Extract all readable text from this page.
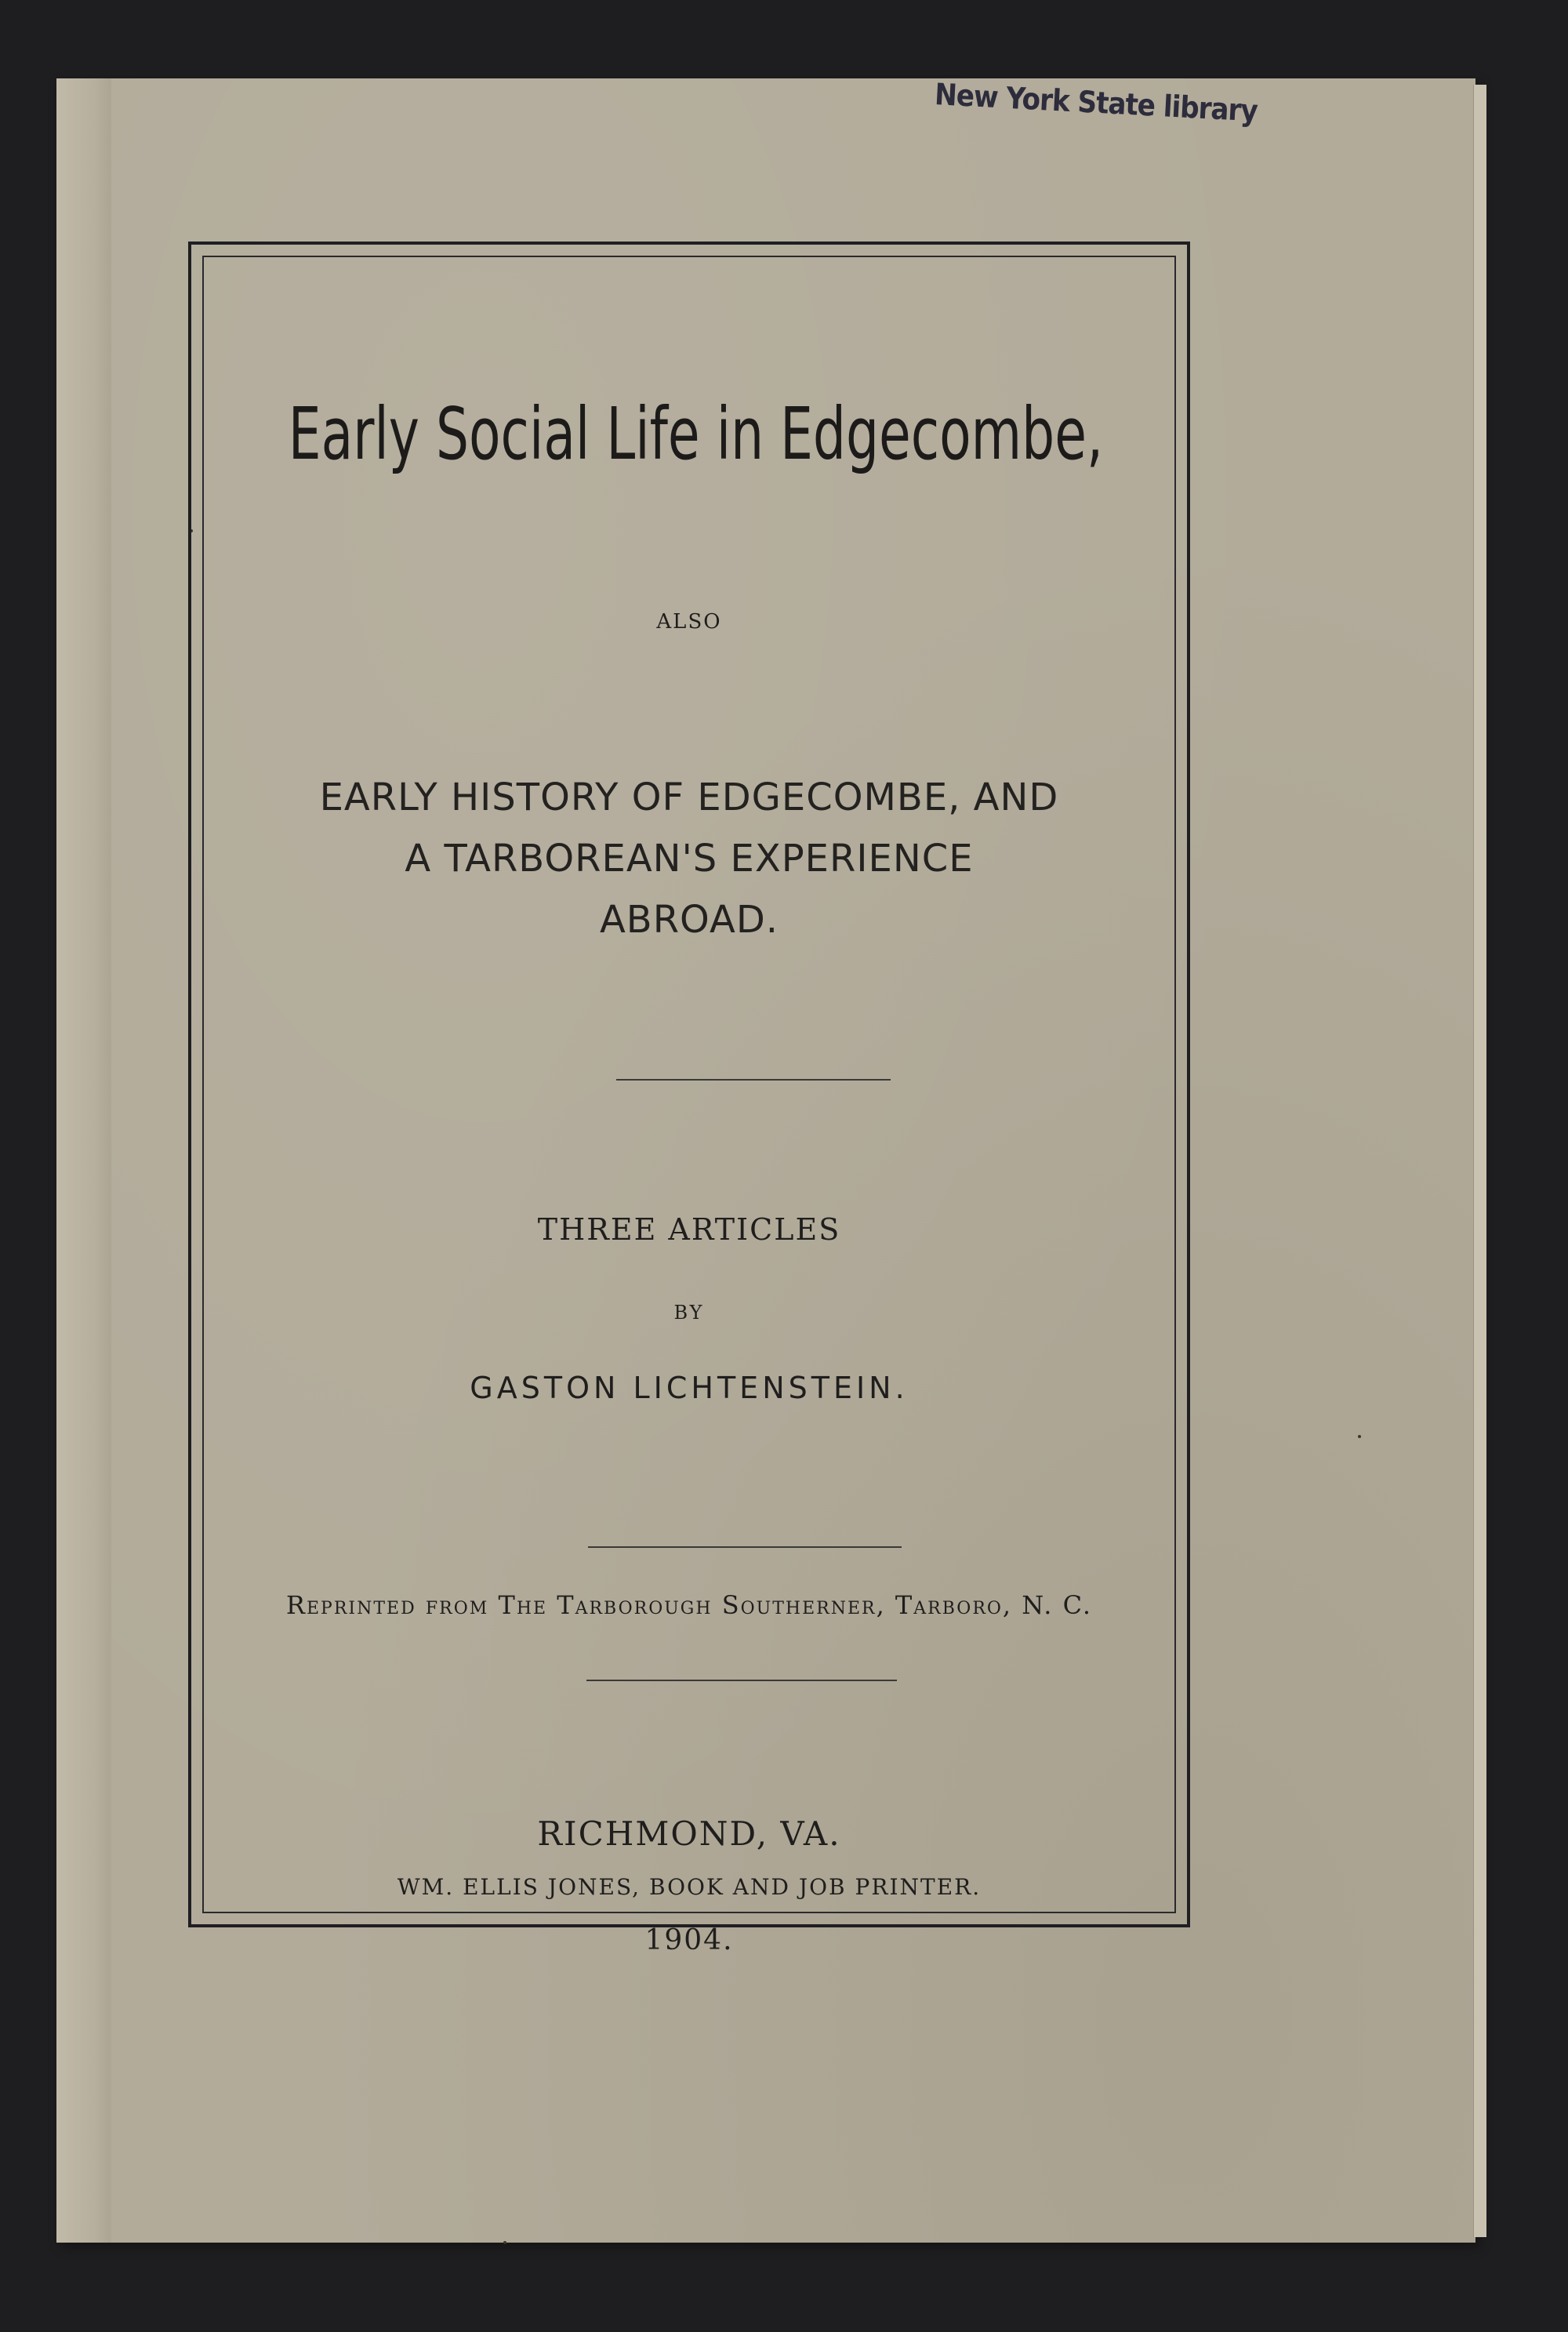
New York State library
Early Social Life in Edgecombe,
ALSO
EARLY HISTORY OF EDGECOMBE, AND
A TARBOREAN'S EXPERIENCE
ABROAD.
THREE ARTICLES
BY
GASTON LICHTENSTEIN.
Reprinted from The Tarborough Southerner, Tarboro, N. C.
RICHMOND, VA.
WM. ELLIS JONES, BOOK AND JOB PRINTER.
1904.
